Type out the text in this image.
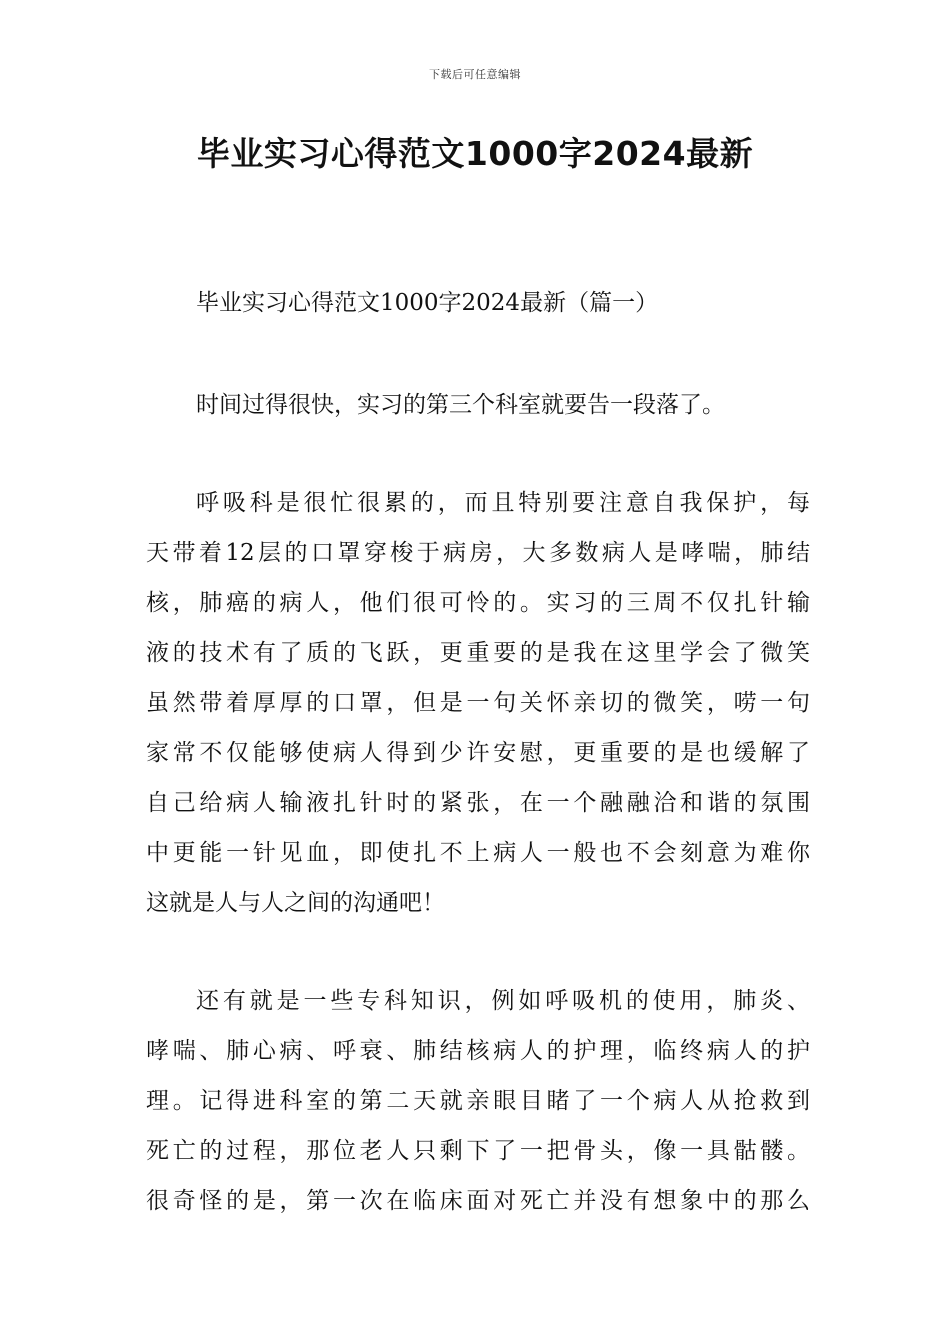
下载后可任意编辑
毕业实习心得范文1000字2024最新
毕业实习心得范文1000字2024最新（篇一）
时间过得很快，实习的第三个科室就要告一段落了。
呼吸科是很忙很累的，而且特别要注意自我保护，每
天带着12层的口罩穿梭于病房，大多数病人是哮喘，肺结
核，肺癌的病人，他们很可怜的。实习的三周不仅扎针输
液的技术有了质的飞跃，更重要的是我在这里学会了微笑
虽然带着厚厚的口罩，但是一句关怀亲切的微笑，唠一句
家常不仅能够使病人得到少许安慰，更重要的是也缓解了
自己给病人输液扎针时的紧张，在一个融融洽和谐的氛围
中更能一针见血，即使扎不上病人一般也不会刻意为难你
这就是人与人之间的沟通吧！
还有就是一些专科知识，例如呼吸机的使用，肺炎、
哮喘、肺心病、呼衰、肺结核病人的护理，临终病人的护
理。记得进科室的第二天就亲眼目睹了一个病人从抢救到
死亡的过程，那位老人只剩下了一把骨头，像一具骷髅。
很奇怪的是，第一次在临床面对死亡并没有想象中的那么
